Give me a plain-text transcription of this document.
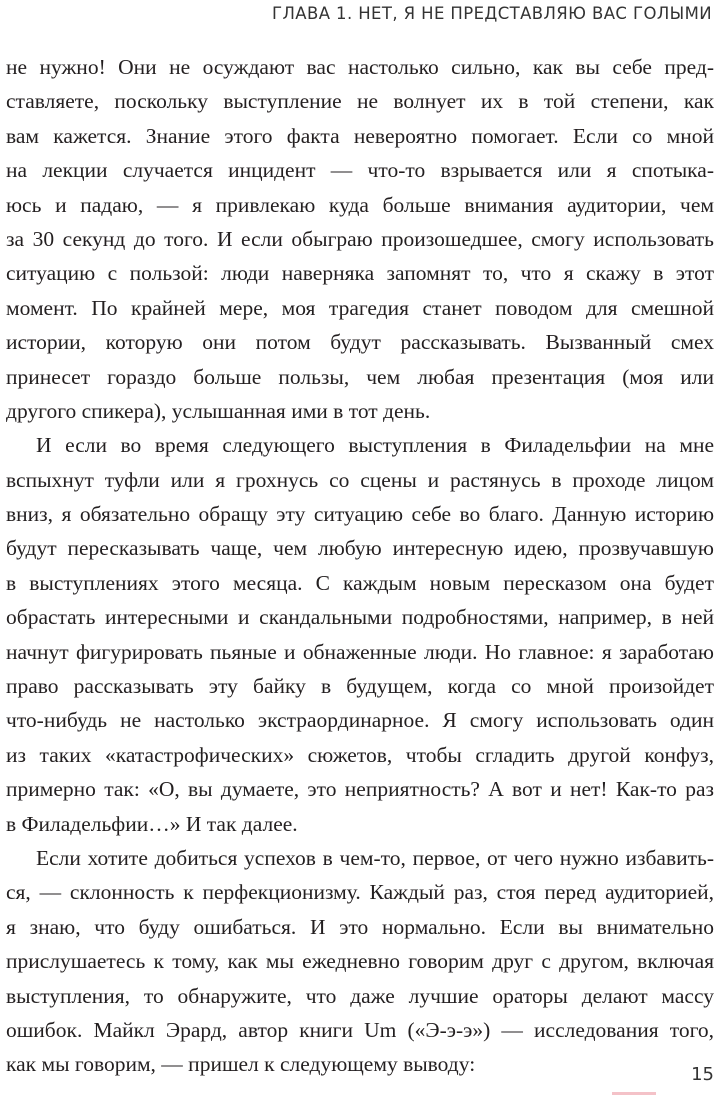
ГЛАВА 1. НЕТ, Я НЕ ПРЕДСТАВЛЯЮ ВАС ГОЛЫМИ
не нужно! Они не осуждают вас настолько сильно, как вы себе пред-
ставляете, поскольку выступление не волнует их в той степени, как
вам кажется. Знание этого факта невероятно помогает. Если со мной
на лекции случается инцидент — что-то взрывается или я спотыка-
юсь и падаю, — я привлекаю куда больше внимания аудитории, чем
за 30 секунд до того. И если обыграю произошедшее, смогу использовать
ситуацию с пользой: люди наверняка запомнят то, что я скажу в этот
момент. По крайней мере, моя трагедия станет поводом для смешной
истории, которую они потом будут рассказывать. Вызванный смех
принесет гораздо больше пользы, чем любая презентация (моя или
другого спикера), услышанная ими в тот день.
И если во время следующего выступления в Филадельфии на мне
вспыхнут туфли или я грохнусь со сцены и растянусь в проходе лицом
вниз, я обязательно обращу эту ситуацию себе во благо. Данную историю
будут пересказывать чаще, чем любую интересную идею, прозвучавшую
в выступлениях этого месяца. С каждым новым пересказом она будет
обрастать интересными и скандальными подробностями, например, в ней
начнут фигурировать пьяные и обнаженные люди. Но главное: я заработаю
право рассказывать эту байку в будущем, когда со мной произойдет
что-нибудь не настолько экстраординарное. Я смогу использовать один
из таких «катастрофических» сюжетов, чтобы сгладить другой конфуз,
примерно так: «О, вы думаете, это неприятность? А вот и нет! Как-то раз
в Филадельфии…» И так далее.
Если хотите добиться успехов в чем-то, первое, от чего нужно избавить-
ся, — склонность к перфекционизму. Каждый раз, стоя перед аудиторией,
я знаю, что буду ошибаться. И это нормально. Если вы внимательно
прислушаетесь к тому, как мы ежедневно говорим друг с другом, включая
выступления, то обнаружите, что даже лучшие ораторы делают массу
ошибок. Майкл Эрард, автор книги Um («Э-э-э») — исследования того,
как мы говорим, — пришел к следующему выводу:	15
